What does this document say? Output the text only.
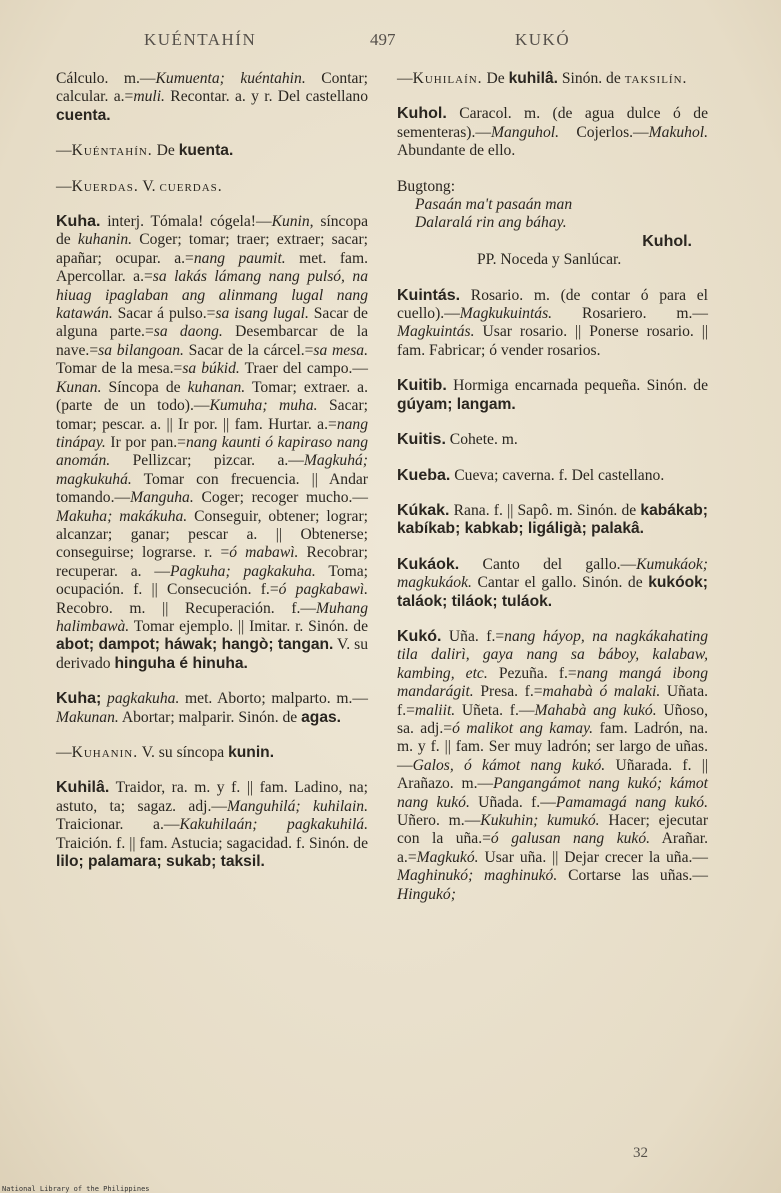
KUÉNTAHÍN	497	KUKÓ

Cálculo. m.—Kumuenta; kuéntahin. Contar; calcular. a.=muli. Recontar. a. y r. Del castellano cuenta.

—Kuéntahín. De kuenta.

—Kuerdas. V. cuerdas.

Kuha. interj. Tómala! cógela!—Kunin, síncopa de kuhanin. Coger; tomar; traer; extraer; sacar; apañar; ocupar. a.=nang paumit. met. fam. Apercollar. a.=sa lakás lámang nang pulsó, na hiuag ipaglaban ang alinmang lugal nang katawán. Sacar á pulso.=sa isang lugal. Sacar de alguna parte.=sa daong. Desembarcar de la nave.=sa bilangoan. Sacar de la cárcel.=sa mesa. Tomar de la mesa.=sa búkid. Traer del campo.—Kunan. Síncopa de kuhanan. Tomar; extraer. a. (parte de un todo).—Kumuha; muha. Sacar; tomar; pescar. a. || Ir por. || fam. Hurtar. a.=nang tinápay. Ir por pan.=nang kaunti ó kapiraso nang anomán. Pellizcar; pizcar. a.—Magkuhá; magkukuhá. Tomar con frecuencia. || Andar tomando.—Manguha. Coger; recoger mucho.—Makuha; makákuha. Conseguir, obtener; lograr; alcanzar; ganar; pescar a. || Obtenerse; conseguirse; lograrse. r. =ó mabawì. Recobrar; recuperar. a. —Pagkuha; pagkakuha. Toma; ocupación. f. || Consecución. f.=ó pagkabawì. Recobro. m. || Recuperación. f.—Muhang halimbawà. Tomar ejemplo. || Imitar. r. Sinón. de abot; dampot; háwak; hangò; tangan. V. su derivado hinguha é hinuha.

Kuha; pagkakuha. met. Aborto; malparto. m.—Makunan. Abortar; malparir. Sinón. de agas.

—Kuhanin. V. su síncopa kunin.

Kuhilâ. Traidor, ra. m. y f. || fam. Ladino, na; astuto, ta; sagaz. adj.—Manguhilá; kuhilain. Traicionar. a.—Kakuhilaán; pagkakuhilá. Traición. f. || fam. Astucia; sagacidad. f. Sinón. de lilo; palamara; sukab; taksil.

—Kuhilaín. De kuhilâ. Sinón. de taksilín.

Kuhol. Caracol. m. (de agua dulce ó de sementeras).—Manguhol. Cojerlos.—Makuhol. Abundante de ello.

Bugtong:
Pasaán ma't pasaán man
Dalaralá rin ang báhay.
Kuhol.
PP. Noceda y Sanlúcar.

Kuintás. Rosario. m. (de contar ó para el cuello).—Magkukuintás. Rosariero. m.—Magkuintás. Usar rosario. || Ponerse rosario. || fam. Fabricar; ó vender rosarios.

Kuitib. Hormiga encarnada pequeña. Sinón. de gúyam; langam.

Kuitis. Cohete. m.

Kueba. Cueva; caverna. f. Del castellano.

Kúkak. Rana. f. || Sapô. m. Sinón. de kabákab; kabíkab; kabkab; ligáligà; palakâ.

Kukáok. Canto del gallo.—Kumukáok; magkukáok. Cantar el gallo. Sinón. de kukóok; taláok; tiláok; tuláok.

Kukó. Uña. f.=nang háyop, na nagkákahating tila dalirì, gaya nang sa báboy, kalabaw, kambing, etc. Pezuña. f.=nang mangá ibong mandarágit. Presa. f.=mahabà ó malaki. Uñata. f.=maliit. Uñeta. f.—Mahabà ang kukó. Uñoso, sa. adj.=ó malikot ang kamay. fam. Ladrón, na. m. y f. || fam. Ser muy ladrón; ser largo de uñas.—Galos, ó kámot nang kukó. Uñarada. f. || Arañazo. m.—Pangangámot nang kukó; kámot nang kukó. Uñada. f.—Pamamagá nang kukó. Uñero. m.—Kukuhin; kumukó. Hacer; ejecutar con la uña.=ó galusan nang kukó. Arañar. a.=Magkukó. Usar uña. || Dejar crecer la uña.—Maghinukó; maghinukó. Cortarse las uñas.—Hingukó;

32
National Library of the Philippines
